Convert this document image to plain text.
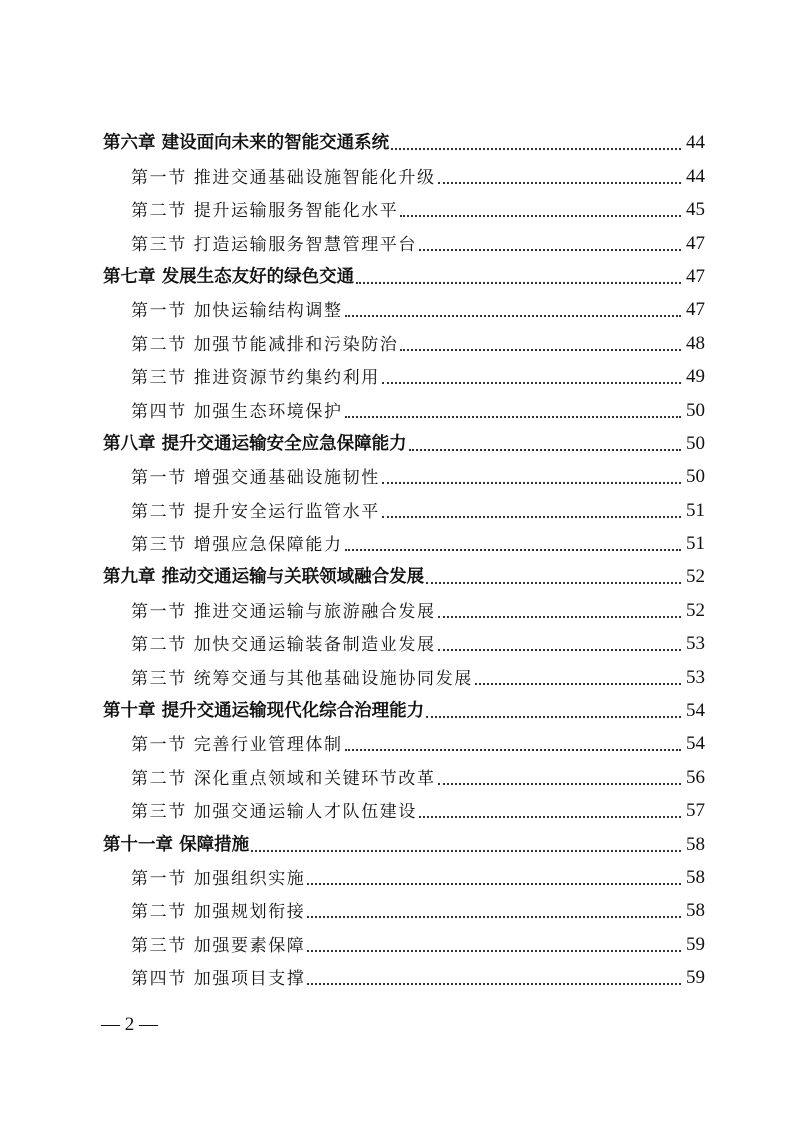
第六章 建设面向未来的智能交通系统	44
第一节 推进交通基础设施智能化升级	44
第二节 提升运输服务智能化水平	45
第三节 打造运输服务智慧管理平台	47
第七章 发展生态友好的绿色交通	47
第一节 加快运输结构调整	47
第二节 加强节能减排和污染防治	48
第三节 推进资源节约集约利用	49
第四节 加强生态环境保护	50
第八章 提升交通运输安全应急保障能力	50
第一节 增强交通基础设施韧性	50
第二节 提升安全运行监管水平	51
第三节 增强应急保障能力	51
第九章 推动交通运输与关联领域融合发展	52
第一节 推进交通运输与旅游融合发展	52
第二节 加快交通运输装备制造业发展	53
第三节 统筹交通与其他基础设施协同发展	53
第十章 提升交通运输现代化综合治理能力	54
第一节 完善行业管理体制	54
第二节 深化重点领域和关键环节改革	56
第三节 加强交通运输人才队伍建设	57
第十一章 保障措施	58
第一节 加强组织实施	58
第二节 加强规划衔接	58
第三节 加强要素保障	59
第四节 加强项目支撑	59
— 2 —
